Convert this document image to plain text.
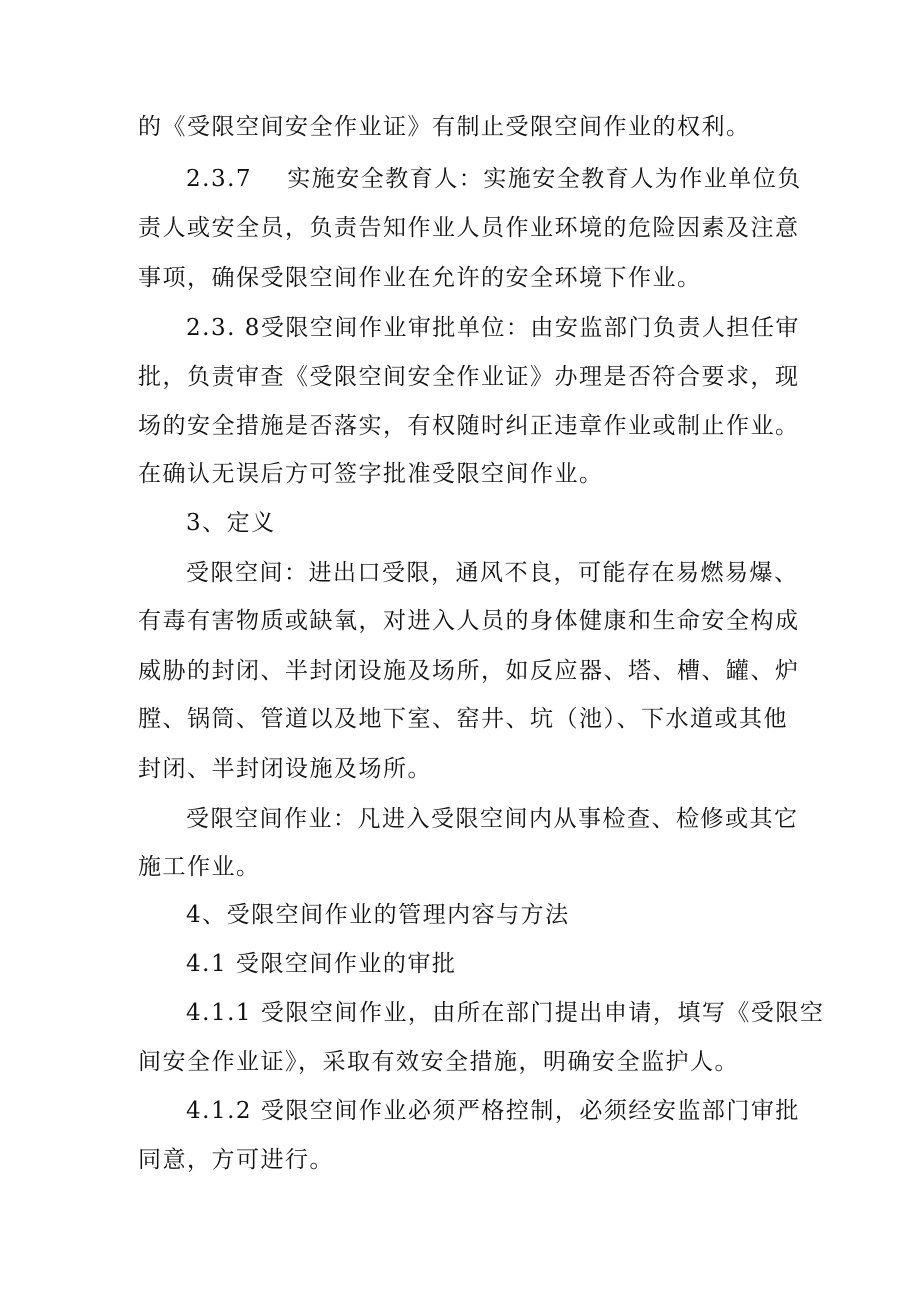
的《受限空间安全作业证》有制止受限空间作业的权利。
2.3.7    实施安全教育人：实施安全教育人为作业单位负
责人或安全员，负责告知作业人员作业环境的危险因素及注意
事项，确保受限空间作业在允许的安全环境下作业。
2.3. 8受限空间作业审批单位：由安监部门负责人担任审
批，负责审查《受限空间安全作业证》办理是否符合要求，现
场的安全措施是否落实，有权随时纠正违章作业或制止作业。
在确认无误后方可签字批准受限空间作业。
3、定义
受限空间：进出口受限，通风不良，可能存在易燃易爆、
有毒有害物质或缺氧，对进入人员的身体健康和生命安全构成
威胁的封闭、半封闭设施及场所，如反应器、塔、槽、罐、炉
膛、锅筒、管道以及地下室、窑井、坑（池）、下水道或其他
封闭、半封闭设施及场所。
受限空间作业：凡进入受限空间内从事检查、检修或其它
施工作业。
4、受限空间作业的管理内容与方法
4.1 受限空间作业的审批
4.1.1 受限空间作业，由所在部门提出申请，填写《受限空
间安全作业证》，采取有效安全措施，明确安全监护人。
4.1.2 受限空间作业必须严格控制，必须经安监部门审批
同意，方可进行。
